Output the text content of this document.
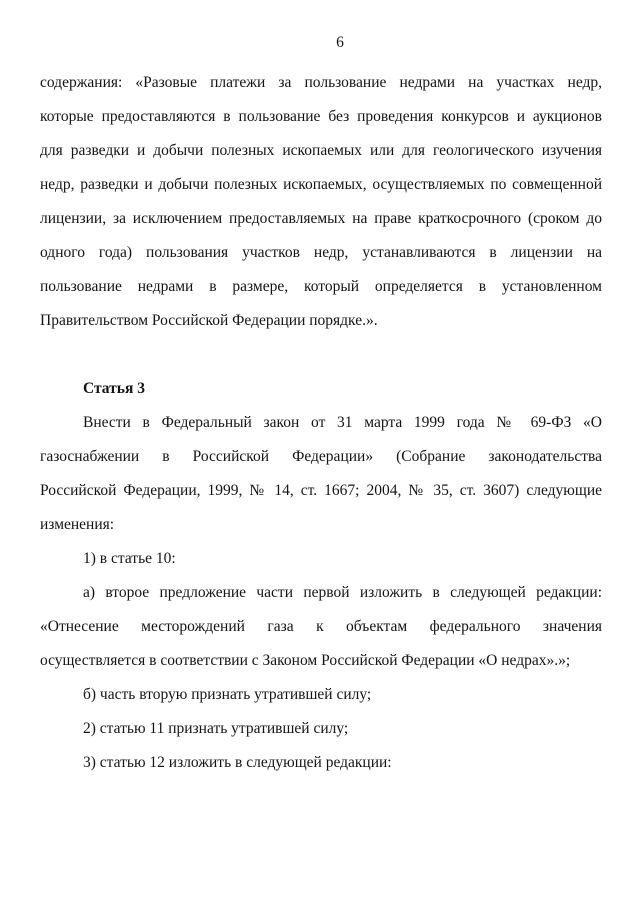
6
содержания: «Разовые платежи за пользование недрами на участках недр,
которые предоставляются в пользование без проведения конкурсов и аукционов
для разведки и добычи полезных ископаемых или для геологического изучения
недр, разведки и добычи полезных ископаемых, осуществляемых по совмещенной
лицензии, за исключением предоставляемых на праве краткосрочного (сроком до
одного года) пользования участков недр, устанавливаются в лицензии на
пользование недрами в размере, который определяется в установленном
Правительством Российской Федерации порядке.».
Статья 3
Внести в Федеральный закон от 31 марта 1999 года № 69-ФЗ «О
газоснабжении в Российской Федерации» (Собрание законодательства
Российской Федерации, 1999, № 14, ст. 1667; 2004, № 35, ст. 3607) следующие
изменения:
1) в статье 10:
а) второе предложение части первой изложить в следующей редакции:
«Отнесение месторождений газа к объектам федерального значения
осуществляется в соответствии с Законом Российской Федерации «О недрах».»;
б) часть вторую признать утратившей силу;
2) статью 11 признать утратившей силу;
3) статью 12 изложить в следующей редакции:
